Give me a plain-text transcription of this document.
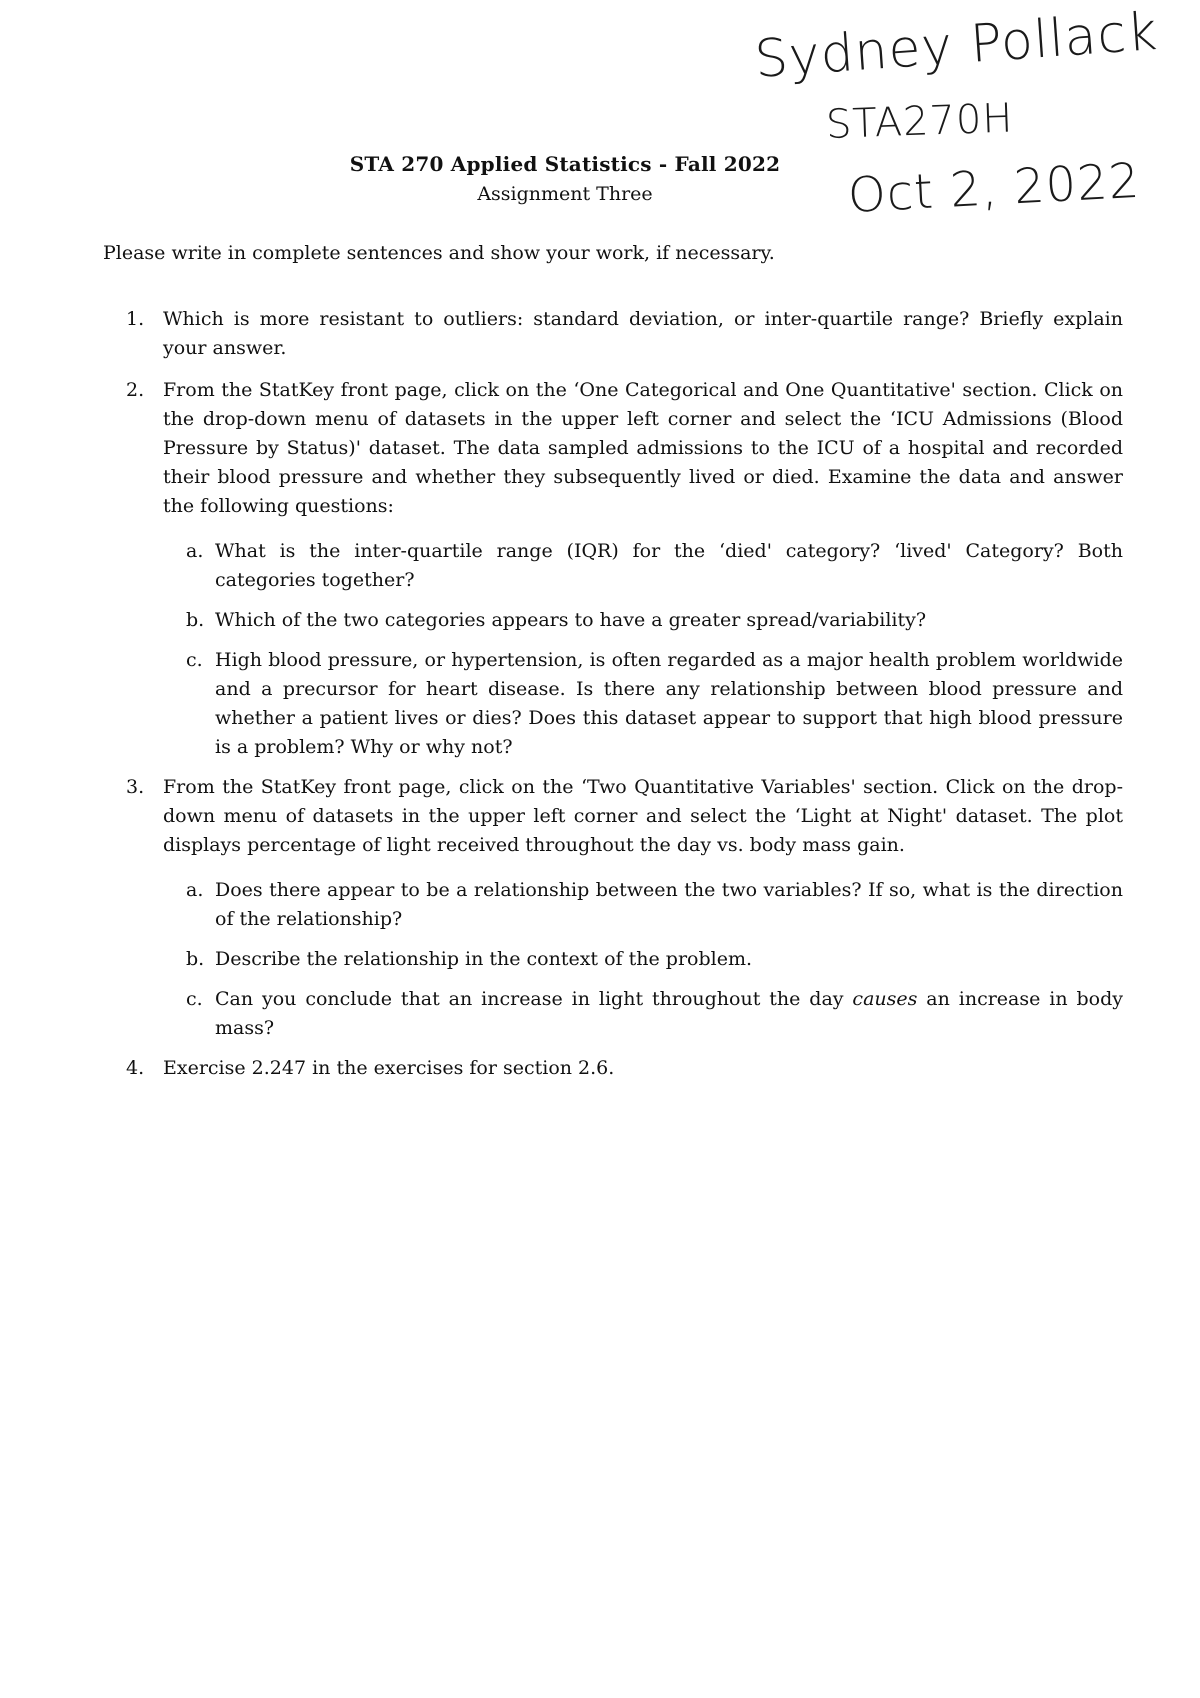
Sydney Pollack
STA270H
Oct 2, 2022
STA 270 Applied Statistics - Fall 2022
Assignment Three
Please write in complete sentences and show your work, if necessary.
1. Which is more resistant to outliers: standard deviation, or inter-quartile range? Briefly explain your answer.
2. From the StatKey front page, click on the ‘One Categorical and One Quantitative' section. Click on the drop-down menu of datasets in the upper left corner and select the ‘ICU Admissions (Blood Pressure by Status)' dataset. The data sampled admissions to the ICU of a hospital and recorded their blood pressure and whether they subsequently lived or died. Examine the data and answer the following questions:
a. What is the inter-quartile range (IQR) for the ‘died' category? ‘lived' Category? Both categories together?
b. Which of the two categories appears to have a greater spread/variability?
c. High blood pressure, or hypertension, is often regarded as a major health problem worldwide and a precursor for heart disease. Is there any relationship between blood pressure and whether a patient lives or dies? Does this dataset appear to support that high blood pressure is a problem? Why or why not?
3. From the StatKey front page, click on the ‘Two Quantitative Variables' section. Click on the drop-down menu of datasets in the upper left corner and select the ‘Light at Night' dataset. The plot displays percentage of light received throughout the day vs. body mass gain.
a. Does there appear to be a relationship between the two variables? If so, what is the direction of the relationship?
b. Describe the relationship in the context of the problem.
c. Can you conclude that an increase in light throughout the day causes an increase in body mass?
4. Exercise 2.247 in the exercises for section 2.6.
